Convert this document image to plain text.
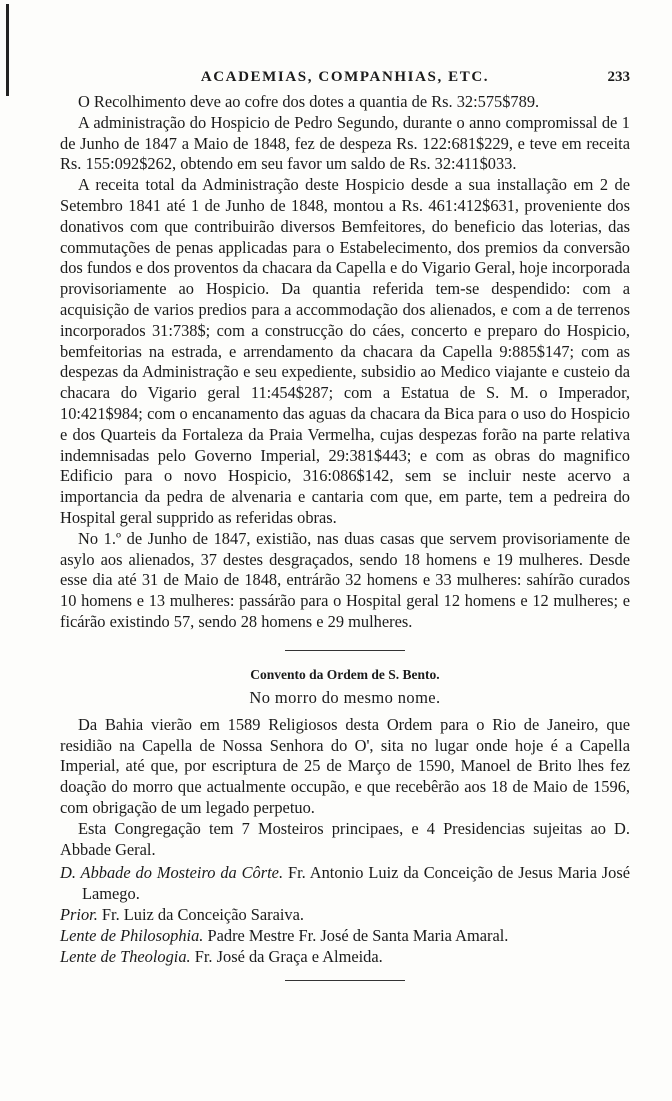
ACADEMIAS, COMPANHIAS, ETC.	233

O Recolhimento deve ao cofre dos dotes a quantia de Rs. 32:575$789.

A administração do Hospicio de Pedro Segundo, durante o anno compromissal de 1 de Junho de 1847 a Maio de 1848, fez de despeza Rs. 122:681$229, e teve em receita Rs. 155:092$262, obtendo em seu favor um saldo de Rs. 32:411$033.

A receita total da Administração deste Hospicio desde a sua installação em 2 de Setembro 1841 até 1 de Junho de 1848, montou a Rs. 461:412$631, proveniente dos donativos com que contribuirão diversos Bemfeitores, do beneficio das loterias, das commutações de penas applicadas para o Estabelecimento, dos premios da conversão dos fundos e dos proventos da chacara da Capella e do Vigario Geral, hoje incorporada provisoriamente ao Hospicio. Da quantia referida tem-se despendido: com a acquisição de varios predios para a accommodação dos alienados, e com a de terrenos incorporados 31:738$; com a construcção do cáes, concerto e preparo do Hospicio, bemfeitorias na estrada, e arrendamento da chacara da Capella 9:885$147; com as despezas da Administração e seu expediente, subsidio ao Medico viajante e custeio da chacara do Vigario geral 11:454$287; com a Estatua de S. M. o Imperador, 10:421$984; com o encanamento das aguas da chacara da Bica para o uso do Hospicio e dos Quarteis da Fortaleza da Praia Vermelha, cujas despezas forão na parte relativa indemnisadas pelo Governo Imperial, 29:381$443; e com as obras do magnifico Edificio para o novo Hospicio, 316:086$142, sem se incluir neste acervo a importancia da pedra de alvenaria e cantaria com que, em parte, tem a pedreira do Hospital geral supprido as referidas obras.

No 1.º de Junho de 1847, existião, nas duas casas que servem provisoriamente de asylo aos alienados, 37 destes desgraçados, sendo 18 homens e 19 mulheres. Desde esse dia até 31 de Maio de 1848, entrárão 32 homens e 33 mulheres: sahírão curados 10 homens e 13 mulheres: passárão para o Hospital geral 12 homens e 12 mulheres; e ficárão existindo 57, sendo 28 homens e 29 mulheres.

Convento da Ordem de S. Bento.
No morro do mesmo nome.

Da Bahia vierão em 1589 Religiosos desta Ordem para o Rio de Janeiro, que residião na Capella de Nossa Senhora do O', sita no lugar onde hoje é a Capella Imperial, até que, por escriptura de 25 de Março de 1590, Manoel de Brito lhes fez doação do morro que actualmente occupão, e que recebêrão aos 18 de Maio de 1596, com obrigação de um legado perpetuo.

Esta Congregação tem 7 Mosteiros principaes, e 4 Presidencias sujeitas ao D. Abbade Geral.

D. Abbade do Mosteiro da Côrte. Fr. Antonio Luiz da Conceição de Jesus Maria José Lamego.
Prior. Fr. Luiz da Conceição Saraiva.
Lente de Philosophia. Padre Mestre Fr. José de Santa Maria Amaral.
Lente de Theologia. Fr. José da Graça e Almeida.
